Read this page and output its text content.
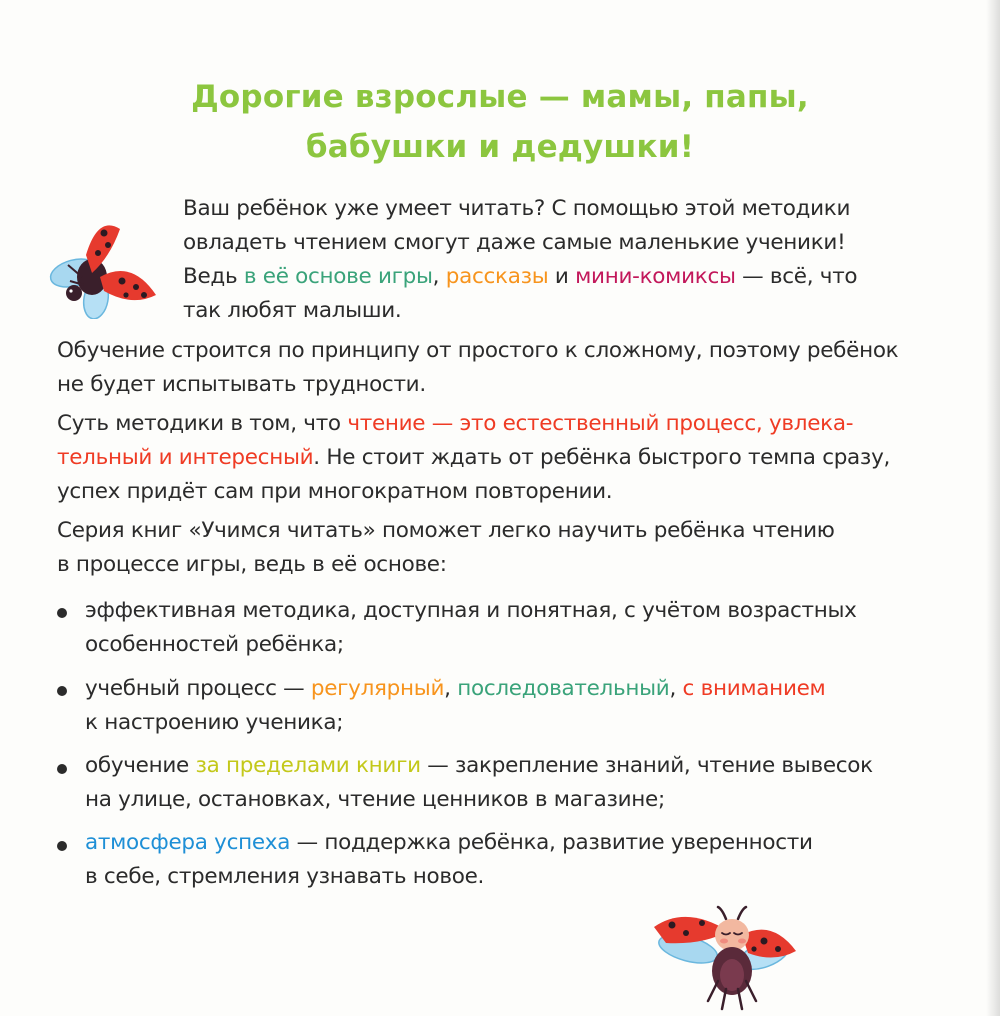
Дорогие взрослые — мамы, папы,
бабушки и дедушки!
Ваш ребёнок уже умеет читать? С помощью этой методики
овладеть чтением смогут даже самые маленькие ученики!
Ведь в её основе игры, рассказы и мини-комиксы — всё, что
так любят малыши.
Обучение строится по принципу от простого к сложному, поэтому ребёнок
не будет испытывать трудности.
Суть методики в том, что чтение — это естественный процесс, увлека-
тельный и интересный. Не стоит ждать от ребёнка быстрого темпа сразу,
успех придёт сам при многократном повторении.
Серия книг «Учимся читать» поможет легко научить ребёнка чтению
в процессе игры, ведь в её основе:
эффективная методика, доступная и понятная, с учётом возрастных
особенностей ребёнка;
учебный процесс — регулярный, последовательный, с вниманием
к настроению ученика;
обучение за пределами книги — закрепление знаний, чтение вывесок
на улице, остановках, чтение ценников в магазине;
атмосфера успеха — поддержка ребёнка, развитие уверенности
в себе, стремления узнавать новое.
